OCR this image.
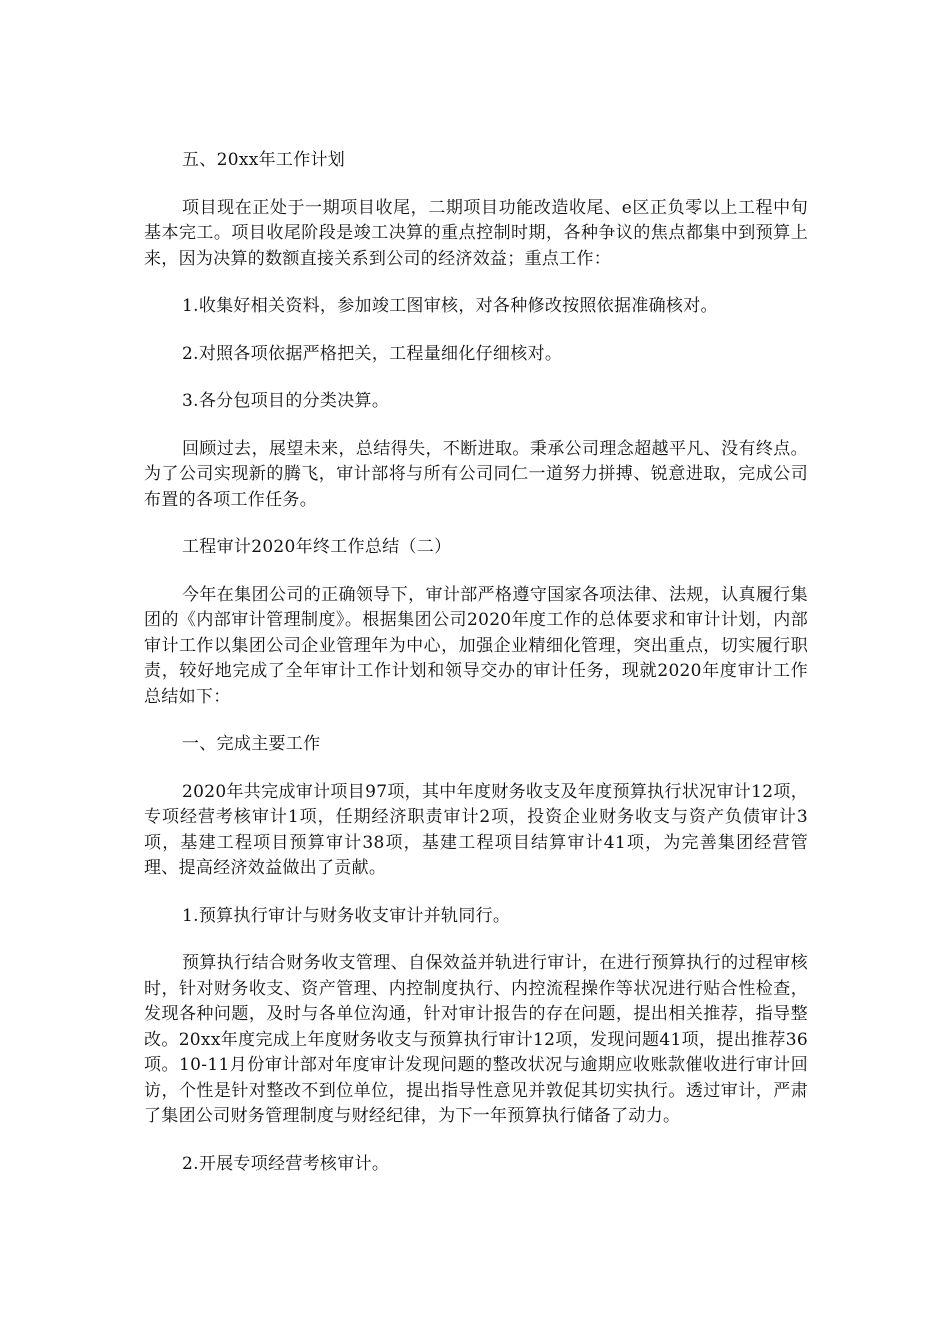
五、20xx年工作计划

项目现在正处于一期项目收尾，二期项目功能改造收尾、e区正负零以上工程中旬基本完工。项目收尾阶段是竣工决算的重点控制时期，各种争议的焦点都集中到预算上来，因为决算的数额直接关系到公司的经济效益；重点工作：

1.收集好相关资料，参加竣工图审核，对各种修改按照依据准确核对。

2.对照各项依据严格把关，工程量细化仔细核对。

3.各分包项目的分类决算。

回顾过去，展望未来，总结得失，不断进取。秉承公司理念超越平凡、没有终点。为了公司实现新的腾飞，审计部将与所有公司同仁一道努力拼搏、锐意进取，完成公司布置的各项工作任务。

工程审计2020年终工作总结（二）

今年在集团公司的正确领导下，审计部严格遵守国家各项法律、法规，认真履行集团的《内部审计管理制度》。根据集团公司2020年度工作的总体要求和审计计划，内部审计工作以集团公司企业管理年为中心，加强企业精细化管理，突出重点，切实履行职责，较好地完成了全年审计工作计划和领导交办的审计任务，现就2020年度审计工作总结如下：

一、完成主要工作

2020年共完成审计项目97项，其中年度财务收支及年度预算执行状况审计12项，专项经营考核审计1项，任期经济职责审计2项，投资企业财务收支与资产负债审计3项，基建工程项目预算审计38项，基建工程项目结算审计41项，为完善集团经营管理、提高经济效益做出了贡献。

1.预算执行审计与财务收支审计并轨同行。

预算执行结合财务收支管理、自保效益并轨进行审计，在进行预算执行的过程审核时，针对财务收支、资产管理、内控制度执行、内控流程操作等状况进行贴合性检查，发现各种问题，及时与各单位沟通，针对审计报告的存在问题，提出相关推荐，指导整改。20xx年度完成上年度财务收支与预算执行审计12项，发现问题41项，提出推荐36项。10-11月份审计部对年度审计发现问题的整改状况与逾期应收账款催收进行审计回访，个性是针对整改不到位单位，提出指导性意见并敦促其切实执行。透过审计，严肃了集团公司财务管理制度与财经纪律，为下一年预算执行储备了动力。

2.开展专项经营考核审计。
